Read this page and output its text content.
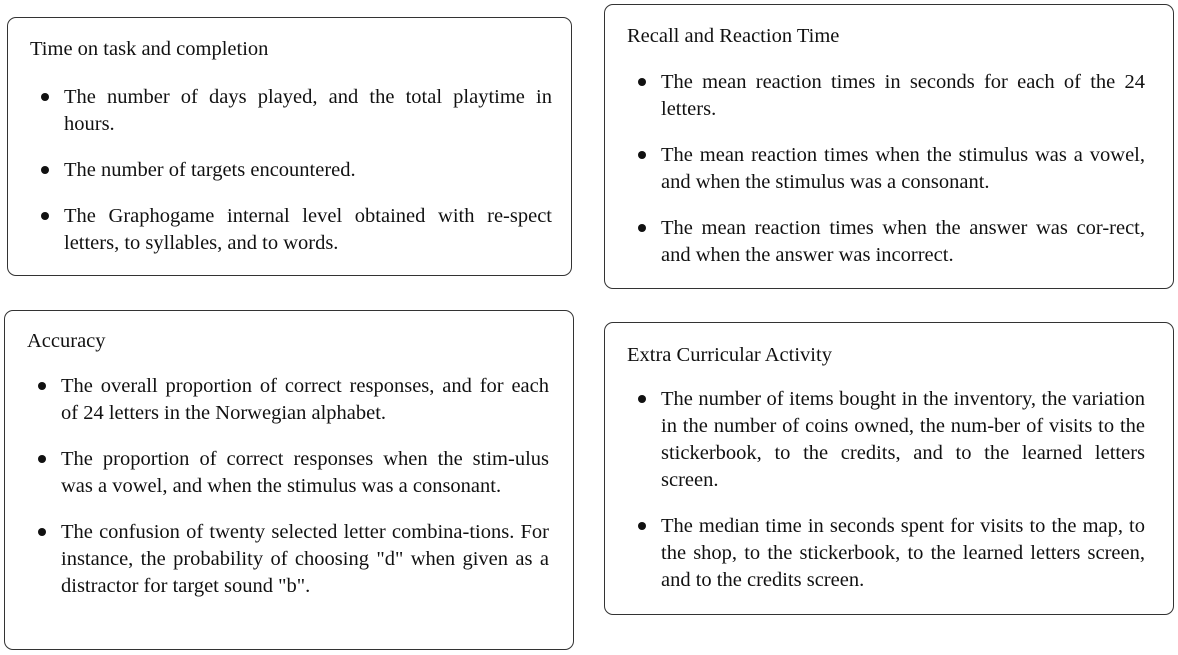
Time on task and completion
The number of days played, and the total playtime in hours.
The number of targets encountered.
The Graphogame internal level obtained with re-spect letters, to syllables, and to words.
Recall and Reaction Time
The mean reaction times in seconds for each of the 24 letters.
The mean reaction times when the stimulus was a vowel, and when the stimulus was a consonant.
The mean reaction times when the answer was cor-rect, and when the answer was incorrect.
Accuracy
The overall proportion of correct responses, and for each of 24 letters in the Norwegian alphabet.
The proportion of correct responses when the stim-ulus was a vowel, and when the stimulus was a consonant.
The confusion of twenty selected letter combina-tions. For instance, the probability of choosing "d" when given as a distractor for target sound "b".
Extra Curricular Activity
The number of items bought in the inventory, the variation in the number of coins owned, the num-ber of visits to the stickerbook, to the credits, and to the learned letters screen.
The median time in seconds spent for visits to the map, to the shop, to the stickerbook, to the learned letters screen, and to the credits screen.
